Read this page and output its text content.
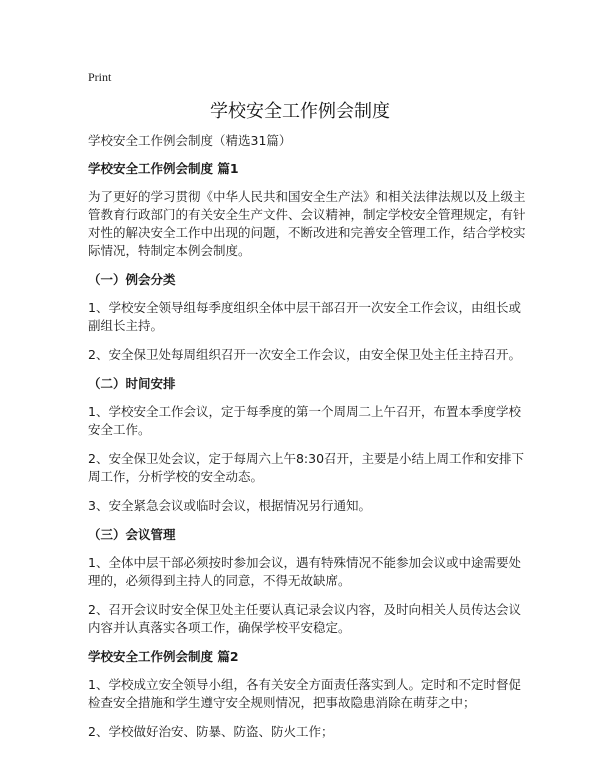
Print
学校安全工作例会制度

学校安全工作例会制度（精选31篇）

学校安全工作例会制度 篇1

为了更好的学习贯彻《中华人民共和国安全生产法》和相关法律法规以及上级主管教育行政部门的有关安全生产文件、会议精神，制定学校安全管理规定，有针对性的解决安全工作中出现的问题，不断改进和完善安全管理工作，结合学校实际情况，特制定本例会制度。

（一）例会分类

1、学校安全领导组每季度组织全体中层干部召开一次安全工作会议，由组长或副组长主持。

2、安全保卫处每周组织召开一次安全工作会议，由安全保卫处主任主持召开。

（二）时间安排

1、学校安全工作会议，定于每季度的第一个周周二上午召开，布置本季度学校安全工作。

2、安全保卫处会议，定于每周六上午8:30召开，主要是小结上周工作和安排下周工作，分析学校的安全动态。

3、安全紧急会议或临时会议，根据情况另行通知。

（三）会议管理

1、全体中层干部必须按时参加会议，遇有特殊情况不能参加会议或中途需要处理的，必须得到主持人的同意，不得无故缺席。

2、召开会议时安全保卫处主任要认真记录会议内容，及时向相关人员传达会议内容并认真落实各项工作，确保学校平安稳定。

学校安全工作例会制度 篇2

1、学校成立安全领导小组，各有关安全方面责任落实到人。定时和不定时督促检查安全措施和学生遵守安全规则情况，把事故隐患消除在萌芽之中；

2、学校做好治安、防暴、防盗、防火工作；
